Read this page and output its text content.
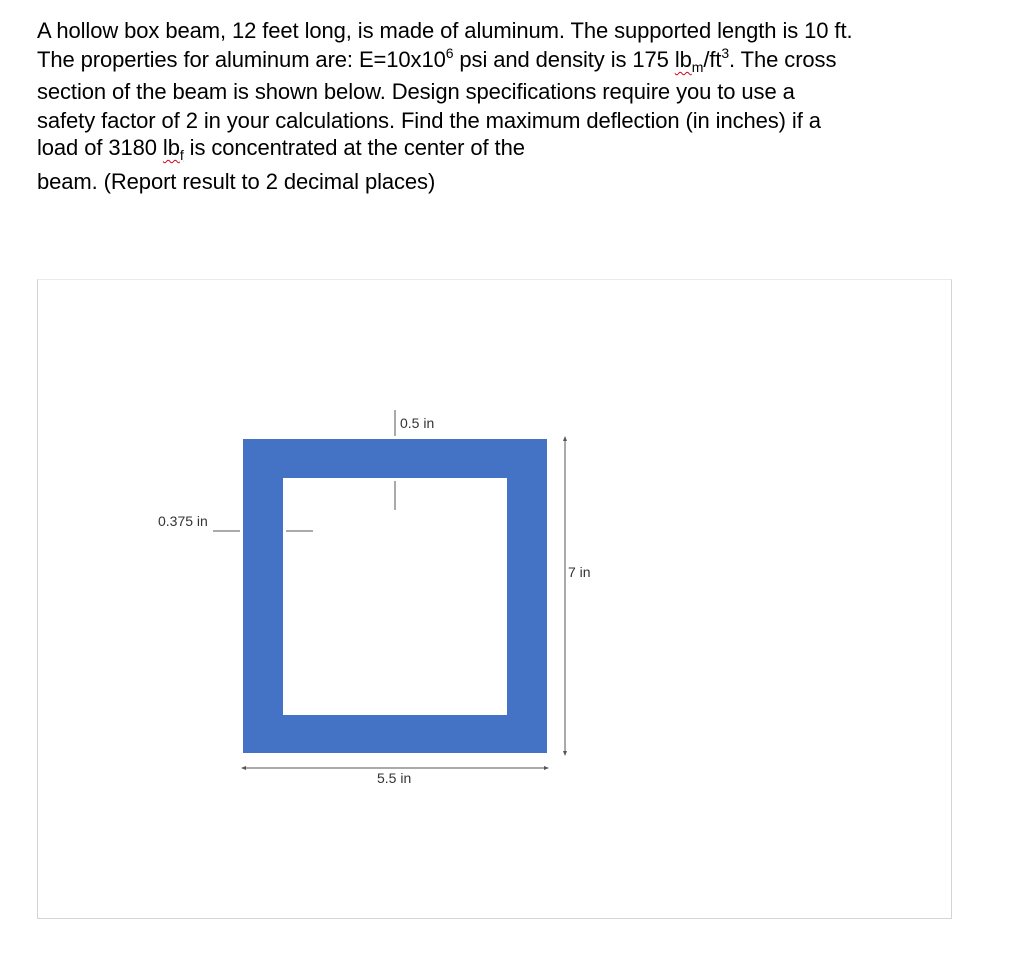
A hollow box beam, 12 feet long, is made of aluminum. The supported length is 10 ft.

The properties for aluminum are: $E=10x10^6$ psi and density is 175 $lb_m/ft^3$. The cross

section of the beam is shown below. Design specifications require you to use a

safety factor of 2 in your calculations. Find the maximum deflection (in inches) if a

load of 3180 $lb_f$ is concentrated at the center of the

beam. (Report result to 2 decimal places)

0.5 in
0.375 in
7 in
5.5 in
